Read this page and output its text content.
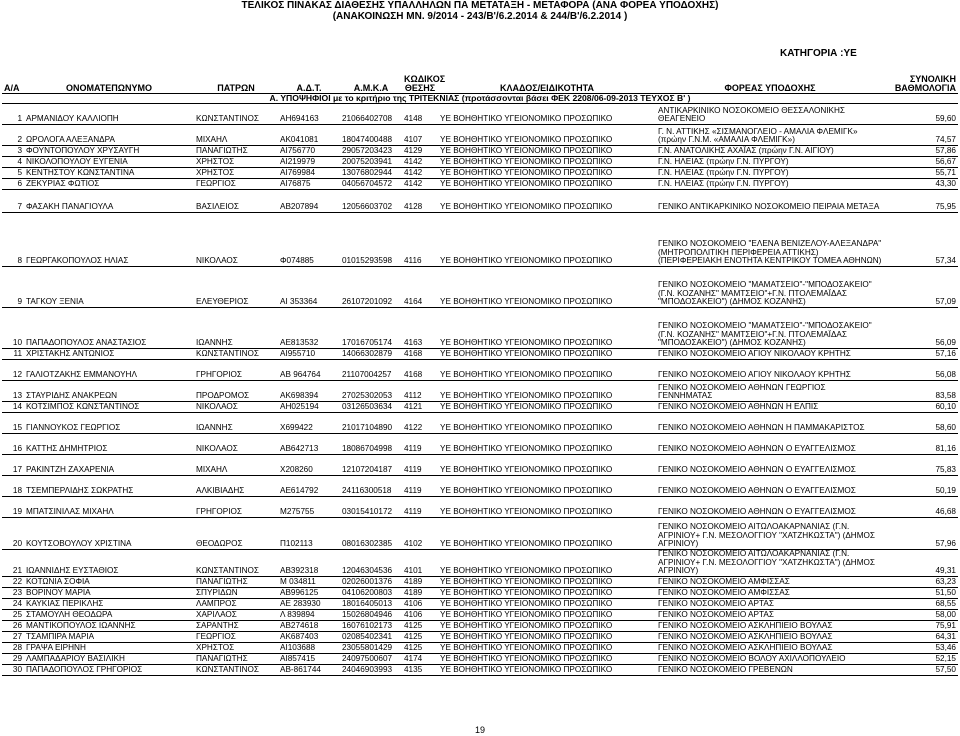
ΤΕΛΙΚΟΣ ΠΙΝΑΚΑΣ ΔΙΑΘΕΣΗΣ ΥΠΑΛΛΗΛΩΝ ΠΑ ΜΕΤΑΤΑΞΗ - ΜΕΤΑΦΟΡΑ (ΑΝΑ ΦΟΡΕΑ ΥΠΟΔΟΧΗΣ)
(ΑΝΑΚΟΙΝΩΣΗ ΜΝ. 9/2014 - 243/Β'/6.2.2014 & 244/Β'/6.2.2014 )
ΚΑΤΗΓΟΡΙΑ :ΥΕ
Α/Α	ΟΝΟΜΑΤΕΠΩΝΥΜΟ	ΠΑΤΡΩΝ	Α.Δ.Τ.	Α.Μ.Κ.Α	ΚΩΔΙΚΟΣ ΘΕΣΗΣ	ΚΛΑΔΟΣ/ΕΙΔΙΚΟΤΗΤΑ	ΦΟΡΕΑΣ ΥΠΟΔΟΧΗΣ	ΣΥΝΟΛΙΚΗ ΒΑΘΜΟΛΟΓΙΑ
Α. ΥΠΟΨΗΦΙΟΙ με το κριτήριο της ΤΡΙΤΕΚΝΙΑΣ (προτάσσονται βάσει ΦΕΚ 2208/06-09-2013 ΤΕΥΧΟΣ Β' )								
1	ΑΡΜΑΝΙΔΟΥ ΚΑΛΛΙΟΠΗ	ΚΩΝΣΤΑΝΤΙΝΟΣ	ΑΗ694163	21066402708	4148	ΥΕ ΒΟΗΘΗΤΙΚΟ ΥΓΕΙΟΝΟΜΙΚΟ ΠΡΟΣΩΠΙΚΟ	ΑΝΤΙΚΑΡΚΙΝΙΚΟ ΝΟΣΟΚΟΜΕΙΟ ΘΕΣΣΑΛΟΝΙΚΗΣ ΘΕΑΓΕΝΕΙΟ	59,60
2	ΩΡΟΛΟΓΑ ΑΛΕΞΑΝΔΡΑ	ΜΙΧΑΗΛ	ΑΚ041081	18047400488	4107	ΥΕ ΒΟΗΘΗΤΙΚΟ ΥΓΕΙΟΝΟΜΙΚΟ ΠΡΟΣΩΠΙΚΟ	Γ. Ν. ΑΤΤΙΚΗΣ «ΣΙΣΜΑΝΟΓΛΕΙΟ - ΑΜΑΛΙΑ ΦΛΕΜΙΓΚ» (πρώην Γ.Ν.Μ. «ΑΜΑΛΙΑ ΦΛΕΜΙΓΚ»)	74,57
3	ΦΟΥΝΤΟΠΟΥΛΟΥ ΧΡΥΣΑΥΓΗ	ΠΑΝΑΓΙΩΤΗΣ	ΑΙ756770	29057203423	4129	ΥΕ ΒΟΗΘΗΤΙΚΟ ΥΓΕΙΟΝΟΜΙΚΟ ΠΡΟΣΩΠΙΚΟ	Γ.Ν. ΑΝΑΤΟΛΙΚΗΣ ΑΧΑΪΑΣ (πρώην Γ.Ν. ΑΙΓΙΟΥ)	57,86
4	ΝΙΚΟΛΟΠΟΥΛΟΥ ΕΥΓΕΝΙΑ	ΧΡΗΣΤΟΣ	ΑΙ219979	20075203941	4142	ΥΕ ΒΟΗΘΗΤΙΚΟ ΥΓΕΙΟΝΟΜΙΚΟ ΠΡΟΣΩΠΙΚΟ	Γ.Ν. ΗΛΕΙΑΣ (πρώην Γ.Ν. ΠΥΡΓΟΥ)	56,67
5	ΚΕΝΤΗΣΤΟΥ ΚΩΝΣΤΑΝΤΙΝΑ	ΧΡΗΣΤΟΣ	ΑΙ769984	13076802944	4142	ΥΕ ΒΟΗΘΗΤΙΚΟ ΥΓΕΙΟΝΟΜΙΚΟ ΠΡΟΣΩΠΙΚΟ	Γ.Ν. ΗΛΕΙΑΣ (πρώην Γ.Ν. ΠΥΡΓΟΥ)	55,71
6	ΖΕΚΥΡΙΑΣ ΦΩΤΙΟΣ	ΓΕΩΡΓΙΟΣ	ΑΙ76875	04056704572	4142	ΥΕ ΒΟΗΘΗΤΙΚΟ ΥΓΕΙΟΝΟΜΙΚΟ ΠΡΟΣΩΠΙΚΟ	Γ.Ν. ΗΛΕΙΑΣ (πρώην Γ.Ν. ΠΥΡΓΟΥ)	43,30
7	ΦΑΣΑΚΗ ΠΑΝΑΓΙΟΥΛΑ	ΒΑΣΙΛΕΙΟΣ	ΑΒ207894	12056603702	4128	ΥΕ ΒΟΗΘΗΤΙΚΟ ΥΓΕΙΟΝΟΜΙΚΟ ΠΡΟΣΩΠΙΚΟ	ΓΕΝΙΚΟ ΑΝΤΙΚΑΡΚΙΝΙΚΟ ΝΟΣΟΚΟΜΕΙΟ ΠΕΙΡΑΙΑ ΜΕΤΑΞΑ	75,95
8	ΓΕΩΡΓΑΚΟΠΟΥΛΟΣ ΗΛΙΑΣ	ΝΙΚΟΛΑΟΣ	Φ074885	01015293598	4116	ΥΕ ΒΟΗΘΗΤΙΚΟ ΥΓΕΙΟΝΟΜΙΚΟ ΠΡΟΣΩΠΙΚΟ	ΓΕΝΙΚΟ ΝΟΣΟΚΟΜΕΙΟ "ΕΛΕΝΑ ΒΕΝΙΖΕΛΟΥ-ΑΛΕΞΑΝΔΡΑ" (ΜΗΤΡΟΠΟΛΙΤΙΚΗ ΠΕΡΙΦΕΡΕΙΑ ΑΤΤΙΚΗΣ) (ΠΕΡΙΦΕΡΕΙΑΚΗ ΕΝΟΤΗΤΑ ΚΕΝΤΡΙΚΟΥ ΤΟΜΕΑ ΑΘΗΝΩΝ)	57,34
9	ΤΑΓΚΟΥ ΞΕΝΙΑ	ΕΛΕΥΘΕΡΙΟΣ	ΑΙ 353364	26107201092	4164	ΥΕ ΒΟΗΘΗΤΙΚΟ ΥΓΕΙΟΝΟΜΙΚΟ ΠΡΟΣΩΠΙΚΟ	ΓΕΝΙΚΟ ΝΟΣΟΚΟΜΕΙΟ "ΜΑΜΑΤΣΕΙΟ"-"ΜΠΟΔΟΣΑΚΕΙΟ" (Γ.Ν. ΚΟΖΑΝΗΣ" ΜΑΜΤΣΕΙΟ"+Γ.Ν. ΠΤΟΛΕΜΑΪΔΑΣ "ΜΠΟΔΟΣΑΚΕΙΟ") (ΔΗΜΟΣ ΚΟΖΑΝΗΣ)	57,09
10	ΠΑΠΑΔΟΠΟΥΛΟΣ ΑΝΑΣΤΑΣΙΟΣ	ΙΩΑΝΝΗΣ	ΑΕ813532	17016705174	4163	ΥΕ ΒΟΗΘΗΤΙΚΟ ΥΓΕΙΟΝΟΜΙΚΟ ΠΡΟΣΩΠΙΚΟ	ΓΕΝΙΚΟ ΝΟΣΟΚΟΜΕΙΟ "ΜΑΜΑΤΣΕΙΟ"-"ΜΠΟΔΟΣΑΚΕΙΟ" (Γ.Ν. ΚΟΖΑΝΗΣ" ΜΑΜΤΣΕΙΟ"+Γ.Ν. ΠΤΟΛΕΜΑΪΔΑΣ "ΜΠΟΔΟΣΑΚΕΙΟ") (ΔΗΜΟΣ ΚΟΖΑΝΗΣ)	56,09
11	ΧΡΙΣΤΑΚΗΣ ΑΝΤΩΝΙΟΣ	ΚΩΝΣΤΑΝΤΙΝΟΣ	ΑΙ955710	14066302879	4168	ΥΕ ΒΟΗΘΗΤΙΚΟ ΥΓΕΙΟΝΟΜΙΚΟ ΠΡΟΣΩΠΙΚΟ	ΓΕΝΙΚΟ ΝΟΣΟΚΟΜΕΙΟ ΑΓΙΟΥ ΝΙΚΟΛΑΟΥ ΚΡΗΤΗΣ	57,16
12	ΓΑΛΙΟΤΖΑΚΗΣ ΕΜΜΑΝΟΥΗΛ	ΓΡΗΓΟΡΙΟΣ	ΑΒ 964764	21107004257	4168	ΥΕ ΒΟΗΘΗΤΙΚΟ ΥΓΕΙΟΝΟΜΙΚΟ ΠΡΟΣΩΠΙΚΟ	ΓΕΝΙΚΟ ΝΟΣΟΚΟΜΕΙΟ ΑΓΙΟΥ ΝΙΚΟΛΑΟΥ ΚΡΗΤΗΣ	56,08
13	ΣΤΑΥΡΙΔΗΣ ΑΝΑΚΡΕΩΝ	ΠΡΟΔΡΟΜΟΣ	ΑΚ698394	27025302053	4112	ΥΕ ΒΟΗΘΗΤΙΚΟ ΥΓΕΙΟΝΟΜΙΚΟ ΠΡΟΣΩΠΙΚΟ	ΓΕΝΙΚΟ ΝΟΣΟΚΟΜΕΙΟ ΑΘΗΝΩΝ ΓΕΩΡΓΙΟΣ ΓΕΝΝΗΜΑΤΑΣ	83,58
14	ΚΟΤΣΙΜΠΟΣ ΚΩΝΣΤΑΝΤΙΝΟΣ	ΝΙΚΟΛΑΟΣ	ΑΗ025194	03126503634	4121	ΥΕ ΒΟΗΘΗΤΙΚΟ ΥΓΕΙΟΝΟΜΙΚΟ ΠΡΟΣΩΠΙΚΟ	ΓΕΝΙΚΟ ΝΟΣΟΚΟΜΕΙΟ ΑΘΗΝΩΝ Η ΕΛΠΙΣ	60,10
15	ΓΙΑΝΝΟΥΚΟΣ ΓΕΩΡΓΙΟΣ	ΙΩΑΝΝΗΣ	Χ699422	21017104890	4122	ΥΕ ΒΟΗΘΗΤΙΚΟ ΥΓΕΙΟΝΟΜΙΚΟ ΠΡΟΣΩΠΙΚΟ	ΓΕΝΙΚΟ ΝΟΣΟΚΟΜΕΙΟ ΑΘΗΝΩΝ Η ΠΑΜΜΑΚΑΡΙΣΤΟΣ	58,60
16	ΚΑΤΤΗΣ ΔΗΜΗΤΡΙΟΣ	ΝΙΚΟΛΑΟΣ	ΑΒ642713	18086704998	4119	ΥΕ ΒΟΗΘΗΤΙΚΟ ΥΓΕΙΟΝΟΜΙΚΟ ΠΡΟΣΩΠΙΚΟ	ΓΕΝΙΚΟ ΝΟΣΟΚΟΜΕΙΟ ΑΘΗΝΩΝ Ο ΕΥΑΓΓΕΛΙΣΜΟΣ	81,16
17	ΡΑΚΙΝΤΖΗ ΖΑΧΑΡΕΝΙΑ	ΜΙΧΑΗΛ	Χ208260	12107204187	4119	ΥΕ ΒΟΗΘΗΤΙΚΟ ΥΓΕΙΟΝΟΜΙΚΟ ΠΡΟΣΩΠΙΚΟ	ΓΕΝΙΚΟ ΝΟΣΟΚΟΜΕΙΟ ΑΘΗΝΩΝ Ο ΕΥΑΓΓΕΛΙΣΜΟΣ	75,83
18	ΤΣΕΜΠΕΡΛΙΔΗΣ ΣΩΚΡΑΤΗΣ	ΑΛΚΙΒΙΑΔΗΣ	ΑΕ614792	24116300518	4119	ΥΕ ΒΟΗΘΗΤΙΚΟ ΥΓΕΙΟΝΟΜΙΚΟ ΠΡΟΣΩΠΙΚΟ	ΓΕΝΙΚΟ ΝΟΣΟΚΟΜΕΙΟ ΑΘΗΝΩΝ Ο ΕΥΑΓΓΕΛΙΣΜΟΣ	50,19
19	ΜΠΑΤΣΙΝΙΛΑΣ ΜΙΧΑΗΛ	ΓΡΗΓΟΡΙΟΣ	Μ275755	03015410172	4119	ΥΕ ΒΟΗΘΗΤΙΚΟ ΥΓΕΙΟΝΟΜΙΚΟ ΠΡΟΣΩΠΙΚΟ	ΓΕΝΙΚΟ ΝΟΣΟΚΟΜΕΙΟ ΑΘΗΝΩΝ Ο ΕΥΑΓΓΕΛΙΣΜΟΣ	46,68
20	ΚΟΥΤΣΟΒΟΥΛΟΥ ΧΡΙΣΤΙΝΑ	ΘΕΟΔΩΡΟΣ	Π102113	08016302385	4102	ΥΕ ΒΟΗΘΗΤΙΚΟ ΥΓΕΙΟΝΟΜΙΚΟ ΠΡΟΣΩΠΙΚΟ	ΓΕΝΙΚΟ ΝΟΣΟΚΟΜΕΙΟ ΑΙΤΩΛΟΑΚΑΡΝΑΝΙΑΣ (Γ.Ν. ΑΓΡΙΝΙΟΥ+ Γ.Ν. ΜΕΣΟΛΟΓΓΙΟΥ "ΧΑΤΖΗΚΩΣΤΑ") (ΔΗΜΟΣ ΑΓΡΙΝΙΟΥ)	57,96
21	ΙΩΑΝΝΙΔΗΣ ΕΥΣΤΑΘΙΟΣ	ΚΩΝΣΤΑΝΤΙΝΟΣ	ΑΒ392318	12046304536	4101	ΥΕ ΒΟΗΘΗΤΙΚΟ ΥΓΕΙΟΝΟΜΙΚΟ ΠΡΟΣΩΠΙΚΟ	ΓΕΝΙΚΟ ΝΟΣΟΚΟΜΕΙΟ ΑΙΤΩΛΟΑΚΑΡΝΑΝΙΑΣ (Γ.Ν. ΑΓΡΙΝΙΟΥ+ Γ.Ν. ΜΕΣΟΛΟΓΓΙΟΥ "ΧΑΤΖΗΚΩΣΤΑ") (ΔΗΜΟΣ ΑΓΡΙΝΙΟΥ)	49,31
22	ΚΟΤΩΝΙΑ ΣΟΦΙΑ	ΠΑΝΑΓΙΩΤΗΣ	Μ 034811	02026001376	4189	ΥΕ ΒΟΗΘΗΤΙΚΟ ΥΓΕΙΟΝΟΜΙΚΟ ΠΡΟΣΩΠΙΚΟ	ΓΕΝΙΚΟ ΝΟΣΟΚΟΜΕΙΟ ΑΜΦΙΣΣΑΣ	63,23
23	ΒΟΡΙΝΟΥ ΜΑΡΙΑ	ΣΠΥΡΙΔΩΝ	ΑΒ996125	04106200803	4189	ΥΕ ΒΟΗΘΗΤΙΚΟ ΥΓΕΙΟΝΟΜΙΚΟ ΠΡΟΣΩΠΙΚΟ	ΓΕΝΙΚΟ ΝΟΣΟΚΟΜΕΙΟ ΑΜΦΙΣΣΑΣ	51,50
24	ΚΑΥΚΙΑΣ ΠΕΡΙΚΛΗΣ	ΛΑΜΠΡΟΣ	ΑΕ 283930	18016405013	4106	ΥΕ ΒΟΗΘΗΤΙΚΟ ΥΓΕΙΟΝΟΜΙΚΟ ΠΡΟΣΩΠΙΚΟ	ΓΕΝΙΚΟ ΝΟΣΟΚΟΜΕΙΟ ΑΡΤΑΣ	68,55
25	ΣΤΑΜΟΥΛΗ ΘΕΟΔΩΡΑ	ΧΑΡΙΛΑΟΣ	Λ 839894	15026804946	4106	ΥΕ ΒΟΗΘΗΤΙΚΟ ΥΓΕΙΟΝΟΜΙΚΟ ΠΡΟΣΩΠΙΚΟ	ΓΕΝΙΚΟ ΝΟΣΟΚΟΜΕΙΟ ΑΡΤΑΣ	58,00
26	ΜΑΝΤΙΚΟΠΟΥΛΟΣ ΙΩΑΝΝΗΣ	ΣΑΡΑΝΤΗΣ	ΑΒ274618	16076102173	4125	ΥΕ ΒΟΗΘΗΤΙΚΟ ΥΓΕΙΟΝΟΜΙΚΟ ΠΡΟΣΩΠΙΚΟ	ΓΕΝΙΚΟ ΝΟΣΟΚΟΜΕΙΟ ΑΣΚΛΗΠΙΕΙΟ ΒΟΥΛΑΣ	75,91
27	ΤΣΑΜΠΙΡΑ ΜΑΡΙΑ	ΓΕΩΡΓΙΟΣ	ΑΚ687403	02085402341	4125	ΥΕ ΒΟΗΘΗΤΙΚΟ ΥΓΕΙΟΝΟΜΙΚΟ ΠΡΟΣΩΠΙΚΟ	ΓΕΝΙΚΟ ΝΟΣΟΚΟΜΕΙΟ ΑΣΚΛΗΠΙΕΙΟ ΒΟΥΛΑΣ	64,31
28	ΓΡΑΨΑ ΕΙΡΗΝΗ	ΧΡΗΣΤΟΣ	ΑΙ103688	23055801429	4125	ΥΕ ΒΟΗΘΗΤΙΚΟ ΥΓΕΙΟΝΟΜΙΚΟ ΠΡΟΣΩΠΙΚΟ	ΓΕΝΙΚΟ ΝΟΣΟΚΟΜΕΙΟ ΑΣΚΛΗΠΙΕΙΟ ΒΟΥΛΑΣ	53,46
29	ΛΑΜΠΑΔΑΡΙΟΥ ΒΑΣΙΛΙΚΗ	ΠΑΝΑΓΙΩΤΗΣ	ΑΙ857415	24097500607	4174	ΥΕ ΒΟΗΘΗΤΙΚΟ ΥΓΕΙΟΝΟΜΙΚΟ ΠΡΟΣΩΠΙΚΟ	ΓΕΝΙΚΟ ΝΟΣΟΚΟΜΕΙΟ ΒΟΛΟΥ ΑΧΙΛΛΟΠΟΥΛΕΙΟ	52,15
30	ΠΑΠΑΔΟΠΟΥΛΟΣ ΓΡΗΓΟΡΙΟΣ	ΚΩΝΣΤΑΝΤΙΝΟΣ	ΑΒ-861744	24046903993	4135	ΥΕ ΒΟΗΘΗΤΙΚΟ ΥΓΕΙΟΝΟΜΙΚΟ ΠΡΟΣΩΠΙΚΟ	ΓΕΝΙΚΟ ΝΟΣΟΚΟΜΕΙΟ ΓΡΕΒΕΝΩΝ	57,50
19
